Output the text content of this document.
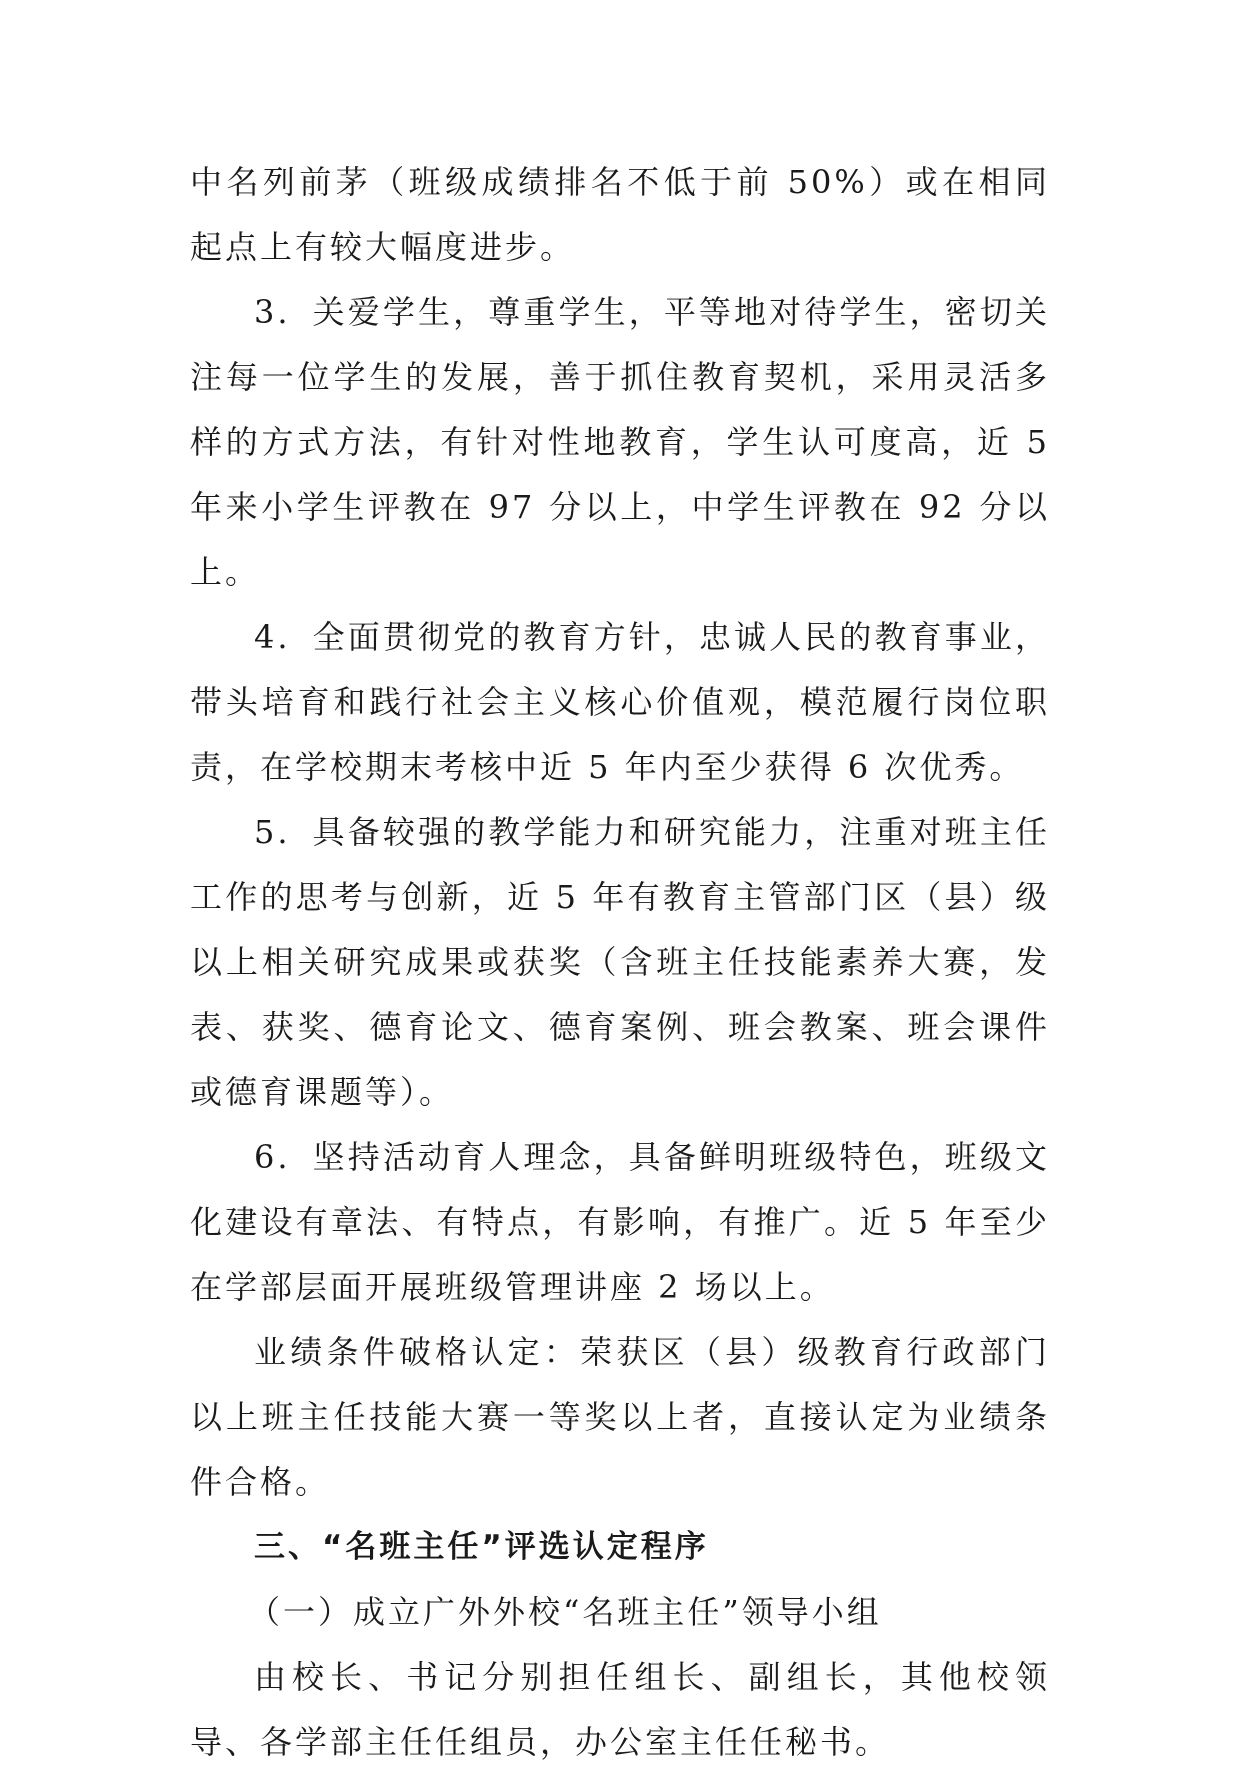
中名列前茅（班级成绩排名不低于前 50%）或在相同起点上有较大幅度进步。

3. 关爱学生，尊重学生，平等地对待学生，密切关注每一位学生的发展，善于抓住教育契机，采用灵活多样的方式方法，有针对性地教育，学生认可度高，近 5 年来小学生评教在 97 分以上，中学生评教在 92 分以上。

4. 全面贯彻党的教育方针，忠诚人民的教育事业，带头培育和践行社会主义核心价值观，模范履行岗位职责，在学校期末考核中近 5 年内至少获得 6 次优秀。

5. 具备较强的教学能力和研究能力，注重对班主任工作的思考与创新，近 5 年有教育主管部门区（县）级以上相关研究成果或获奖（含班主任技能素养大赛，发表、获奖、德育论文、德育案例、班会教案、班会课件或德育课题等）。

6. 坚持活动育人理念，具备鲜明班级特色，班级文化建设有章法、有特点，有影响，有推广。近 5 年至少在学部层面开展班级管理讲座 2 场以上。

业绩条件破格认定：荣获区（县）级教育行政部门以上班主任技能大赛一等奖以上者，直接认定为业绩条件合格。

三、“名班主任”评选认定程序

（一）成立广外外校“名班主任”领导小组

由校长、书记分别担任组长、副组长，其他校领导、各学部主任任组员，办公室主任任秘书。
